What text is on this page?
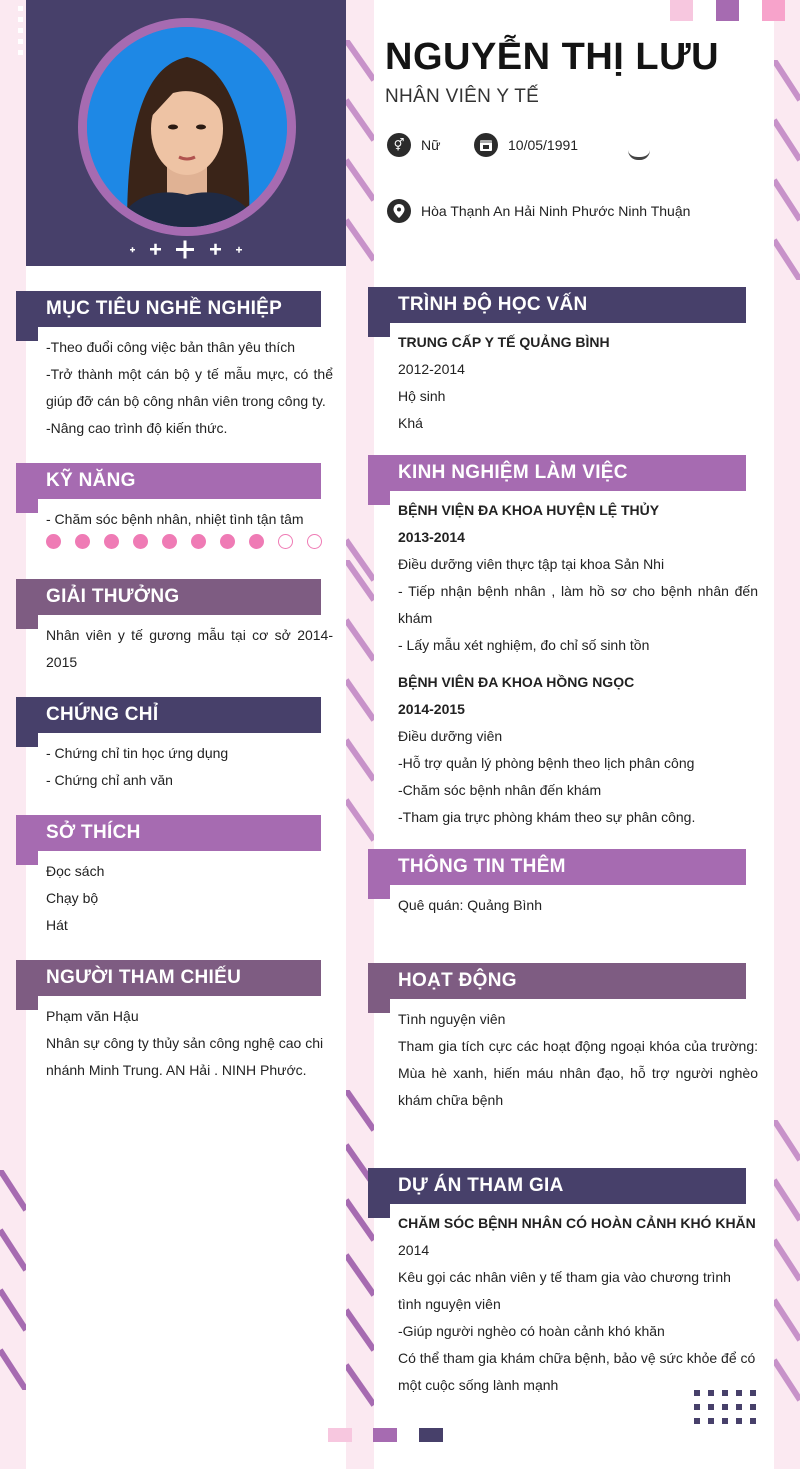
NGUYỄN THỊ LƯU
NHÂN VIÊN Y TẾ
⚥	Nữ	10/05/1991
Hòa Thạnh An Hải Ninh Phước Ninh Thuận
MỤC TIÊU NGHỀ NGHIỆP

-Theo đuổi công việc bản thân yêu thích

-Trở thành một cán bộ y tế mẫu mực, có thể giúp đỡ cán bộ công nhân viên trong công ty.

-Nâng cao trình độ kiến thức.

KỸ NĂNG
- Chăm sóc bệnh nhân, nhiệt tình tận tâm
GIẢI THƯỞNG
Nhân viên y tế gương mẫu tại cơ sở 2014-2015
CHỨNG CHỈ

- Chứng chỉ tin học ứng dụng

- Chứng chỉ anh văn

SỞ THÍCH

Đọc sách

Chạy bộ

Hát

NGƯỜI THAM CHIẾU

Phạm văn Hậu

Nhân sự công ty thủy sản công nghệ cao chi nhánh Minh Trung. AN Hải . NINH Phước.

TRÌNH ĐỘ HỌC VẤN

TRUNG CẤP Y TẾ QUẢNG BÌNH

2012-2014

Hộ sinh

Khá

KINH NGHIỆM LÀM VIỆC

BỆNH VIỆN ĐA KHOA HUYỆN LỆ THỦY

2013-2014

Điều dưỡng viên thực tập tại khoa Sản Nhi

- Tiếp nhận bệnh nhân , làm hồ sơ cho bệnh nhân đến khám

- Lấy mẫu xét nghiệm, đo chỉ số sinh tồn

BỆNH VIÊN ĐA KHOA HỒNG NGỌC

2014-2015

Điều dưỡng viên

-Hỗ trợ quản lý phòng bệnh theo lịch phân công

-Chăm sóc bệnh nhân đến khám

-Tham gia trực phòng khám theo sự phân công.

THÔNG TIN THÊM
Quê quán: Quảng Bình
HOẠT ĐỘNG

Tình nguyện viên

Tham gia tích cực các hoạt động ngoại khóa của trường: Mùa hè xanh, hiến máu nhân đạo, hỗ trợ người nghèo khám chữa bệnh

DỰ ÁN THAM GIA

CHĂM SÓC BỆNH NHÂN CÓ HOÀN CẢNH KHÓ KHĂN

2014

Kêu gọi các nhân viên y tế tham gia vào chương trình tình nguyện viên

-Giúp người nghèo có hoàn cảnh khó khăn

Có thể tham gia khám chữa bệnh, bảo vệ sức khỏe để có một cuộc sống lành mạnh
